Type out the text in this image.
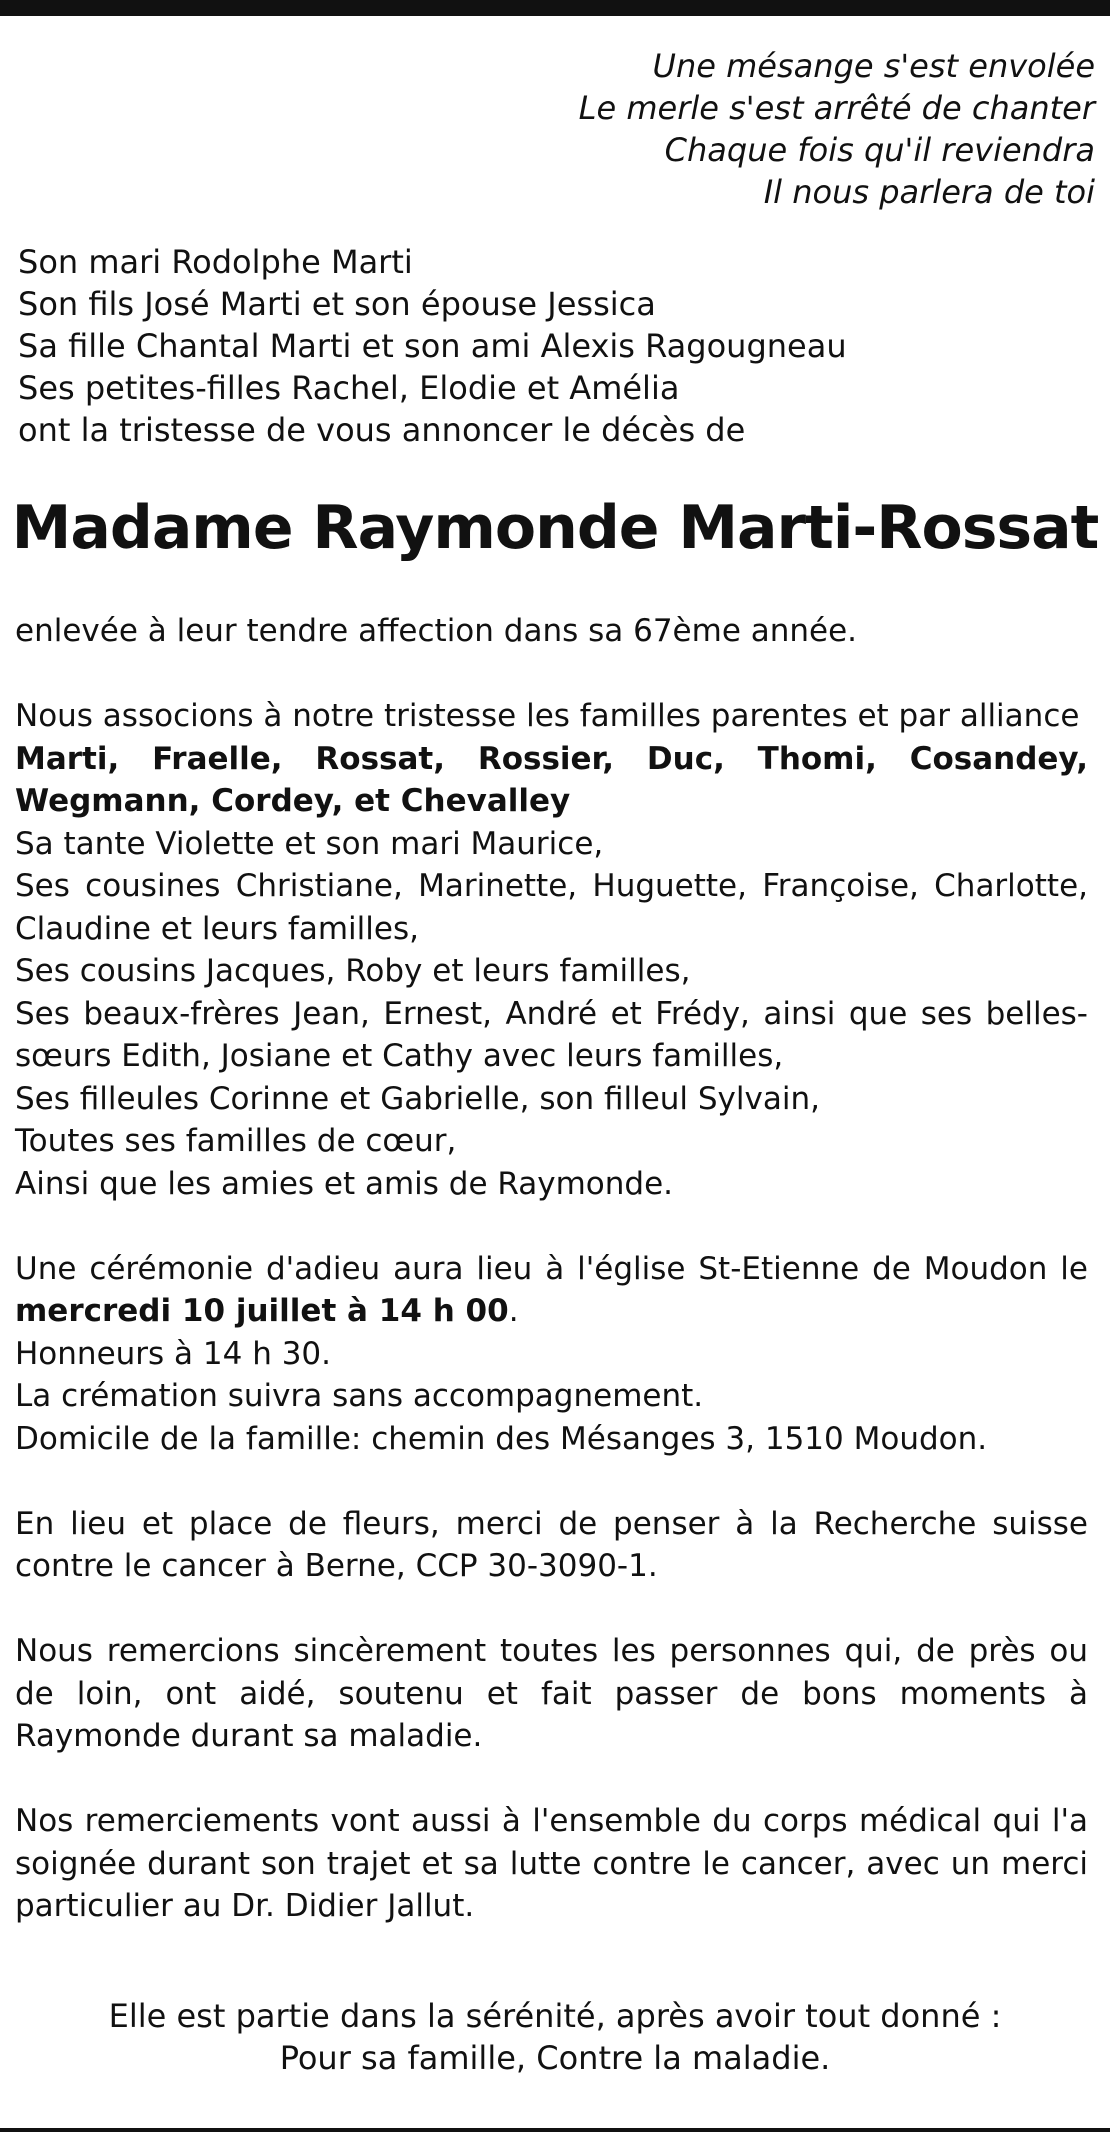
Une mésange s'est envolée
Le merle s'est arrêté de chanter
Chaque fois qu'il reviendra
Il nous parlera de toi
Son mari Rodolphe Marti
Son fils José Marti et son épouse Jessica
Sa fille Chantal Marti et son ami Alexis Ragougneau
Ses petites-filles Rachel, Elodie et Amélia
ont la tristesse de vous annoncer le décès de
Madame Raymonde Marti-Rossat

enlevée à leur tendre affection dans sa 67ème année.

Nous associons à notre tristesse les familles parentes et par alliance
Marti, Fraelle, Rossat, Rossier, Duc, Thomi, Cosandey, Wegmann, Cordey, et Chevalley
Sa tante Violette et son mari Maurice,
Ses cousines Christiane, Marinette, Huguette, Françoise, Charlotte, Claudine et leurs familles,
Ses cousins Jacques, Roby et leurs familles,
Ses beaux-frères Jean, Ernest, André et Frédy, ainsi que ses belles-sœurs Edith, Josiane et Cathy avec leurs familles,
Ses filleules Corinne et Gabrielle, son filleul Sylvain,
Toutes ses familles de cœur,
Ainsi que les amies et amis de Raymonde.

Une cérémonie d'adieu aura lieu à l'église St-Etienne de Moudon le mercredi 10 juillet à 14 h 00.
Honneurs à 14 h 30.
La crémation suivra sans accompagnement.
Domicile de la famille: chemin des Mésanges 3, 1510 Moudon.

En lieu et place de fleurs, merci de penser à la Recherche suisse contre le cancer à Berne, CCP 30-3090-1.

Nous remercions sincèrement toutes les personnes qui, de près ou de loin, ont aidé, soutenu et fait passer de bons moments à Raymonde durant sa maladie.

Nos remerciements vont aussi à l'ensemble du corps médical qui l'a soignée durant son trajet et sa lutte contre le cancer, avec un merci particulier au Dr. Didier Jallut.

Elle est partie dans la sérénité, après avoir tout donné :
Pour sa famille, Contre la maladie.
